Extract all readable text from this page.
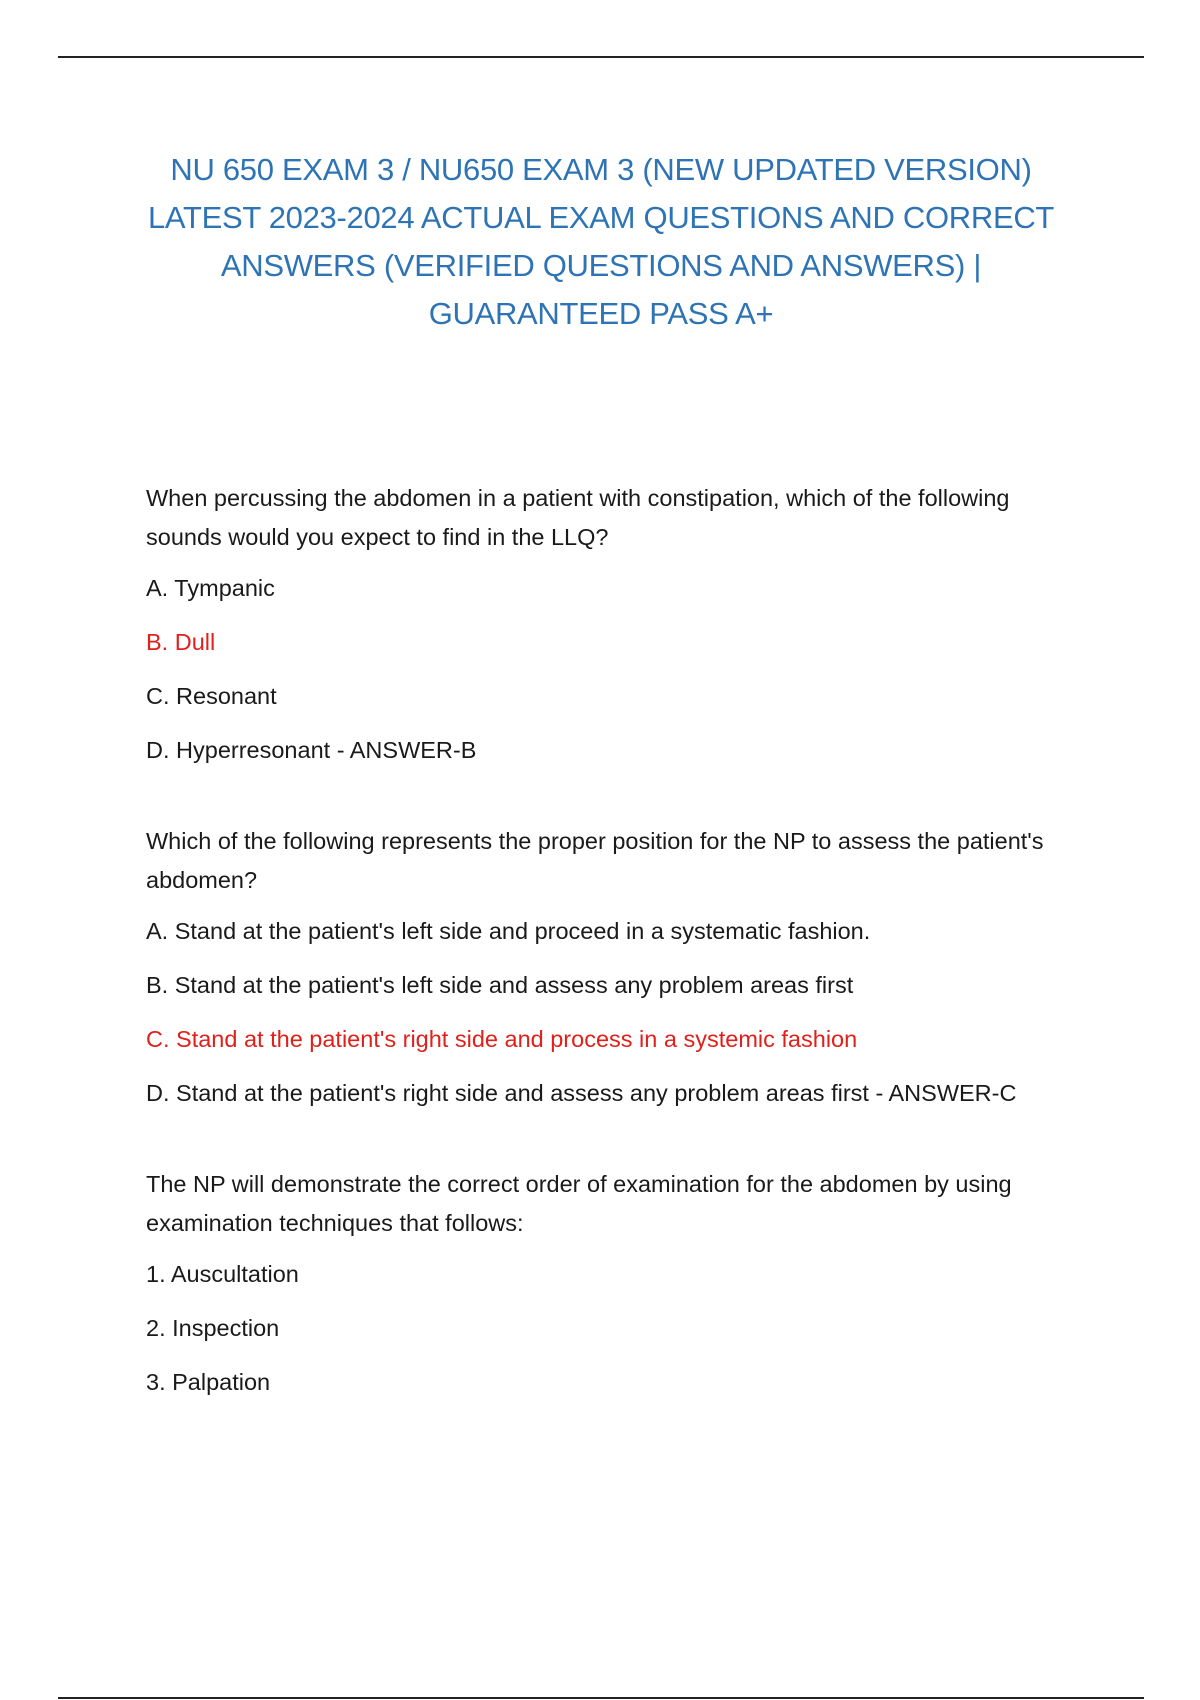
NU 650 EXAM 3 / NU650 EXAM 3 (NEW UPDATED VERSION) LATEST 2023-2024 ACTUAL EXAM QUESTIONS AND CORRECT ANSWERS (VERIFIED QUESTIONS AND ANSWERS) | GUARANTEED PASS A+

When percussing the abdomen in a patient with constipation, which of the following sounds would you expect to find in the LLQ?

A. Tympanic

B. Dull

C. Resonant

D. Hyperresonant - ANSWER-B

Which of the following represents the proper position for the NP to assess the patient's abdomen?

A. Stand at the patient's left side and proceed in a systematic fashion.

B. Stand at the patient's left side and assess any problem areas first

C. Stand at the patient's right side and process in a systemic fashion

D. Stand at the patient's right side and assess any problem areas first - ANSWER-C

The NP will demonstrate the correct order of examination for the abdomen by using examination techniques that follows:

1. Auscultation

2. Inspection

3. Palpation
